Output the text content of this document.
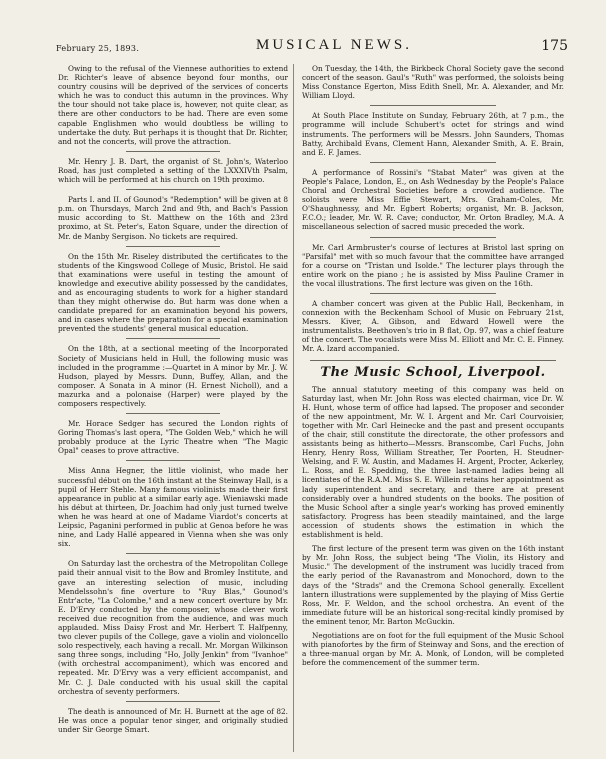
February 25, 1893.	MUSICAL NEWS.	175

Owing to the refusal of the Viennese authorities to extend Dr. Richter's leave of absence beyond four months, our country cousins will be deprived of the services of concerts which he was to conduct this autumn in the provinces. Why the tour should not take place is, however, not quite clear, as there are other conductors to be had. There are even some capable Englishmen who would doubtless be willing to undertake the duty. But perhaps it is thought that Dr. Richter, and not the concerts, will prove the attraction.

Mr. Henry J. B. Dart, the organist of St. John's, Waterloo Road, has just completed a setting of the LXXXIVth Psalm, which will be performed at his church on 19th proximo.

Parts I. and II. of Gounod's "Redemption" will be given at 8 p.m. on Thursdays, March 2nd and 9th, and Bach's Passion music according to St. Matthew on the 16th and 23rd proximo, at St. Peter's, Eaton Square, under the direction of Mr. de Manby Sergison. No tickets are required.

On the 15th Mr. Riseley distributed the certificates to the students of the Kingswood College of Music, Bristol. He said that examinations were useful in testing the amount of knowledge and executive ability possessed by the candidates, and as encouraging students to work for a higher standard than they might otherwise do. But harm was done when a candidate prepared for an examination beyond his powers, and in cases where the preparation for a special examination prevented the students' general musical education.

On the 18th, at a sectional meeting of the Incorporated Society of Musicians held in Hull, the following music was included in the programme :—Quartet in A minor by Mr. J. W. Hudson, played by Messrs. Dunn, Buffey, Allan, and the composer. A Sonata in A minor (H. Ernest Nicholl), and a mazurka and a polonaise (Harper) were played by the composers respectively.

Mr. Horace Sedger has secured the London rights of Goring Thomas's last opera, "The Golden Web," which he will probably produce at the Lyric Theatre when "The Magic Opal" ceases to prove attractive.

Miss Anna Hegner, the little violinist, who made her successful début on the 16th instant at the Steinway Hall, is a pupil of Herr Stehle. Many famous violinists made their first appearance in public at a similar early age. Wieniawski made his début at thirteen, Dr. Joachim had only just turned twelve when he was heard at one of Madame Viardot's concerts at Leipsic, Paganini performed in public at Genoa before he was nine, and Lady Hallé appeared in Vienna when she was only six.

On Saturday last the orchestra of the Metropolitan College paid their annual visit to the Bow and Bromley Institute, and gave an interesting selection of music, including Mendelssohn's fine overture to "Ruy Blas," Gounod's Entr'acte, "La Colombe," and a new concert overture by Mr. E. D'Ervy conducted by the composer, whose clever work received due recognition from the audience, and was much applauded. Miss Daisy Frost and Mr. Herbert T. Halfpenny, two clever pupils of the College, gave a violin and violoncello solo respectively, each having a recall. Mr. Morgan Wilkinson sang three songs, including "Ho, Jolly Jenkin" from "Ivanhoe" (with orchestral accompaniment), which was encored and repeated. Mr. D'Ervy was a very efficient accompanist, and Mr. C. J. Dale conducted with his usual skill the capital orchestra of seventy performers.

The death is announced of Mr. H. Burnett at the age of 82. He was once a popular tenor singer, and originally studied under Sir George Smart.

On Tuesday, the 14th, the Birkbeck Choral Society gave the second concert of the season. Gaul's "Ruth" was performed, the soloists being Miss Constance Egerton, Miss Edith Snell, Mr. A. Alexander, and Mr. William Lloyd.

At South Place Institute on Sunday, February 26th, at 7 p.m., the programme will include Schubert's octet for strings and wind instruments. The performers will be Messrs. John Saunders, Thomas Batty, Archibald Evans, Clement Hann, Alexander Smith, A. E. Brain, and E. F. James.

A performance of Rossini's "Stabat Mater" was given at the People's Palace, London, E., on Ash Wednesday by the People's Palace Choral and Orchestral Societies before a crowded audience. The soloists were Miss Effie Stewart, Mrs. Graham-Coles, Mr. O'Shaughnessy, and Mr. Egbert Roberts; organist, Mr. B. Jackson, F.C.O.; leader, Mr. W. R. Cave; conductor, Mr. Orton Bradley, M.A. A miscellaneous selection of sacred music preceded the work.

Mr. Carl Armbruster's course of lectures at Bristol last spring on "Parsifal" met with so much favour that the committee have arranged for a course on "Tristan und Isolde." The lecturer plays through the entire work on the piano ; he is assisted by Miss Pauline Cramer in the vocal illustrations. The first lecture was given on the 16th.

A chamber concert was given at the Public Hall, Beckenham, in connexion with the Beckenham School of Music on February 21st, Messrs. Kiver, A. Gibson, and Edward Howell were the instrumentalists. Beethoven's trio in B flat, Op. 97, was a chief feature of the concert. The vocalists were Miss M. Elliott and Mr. C. E. Finney. Mr. A. Izard accompanied.

The Music School, Liverpool.

The annual statutory meeting of this company was held on Saturday last, when Mr. John Ross was elected chairman, vice Dr. W. H. Hunt, whose term of office had lapsed. The proposer and seconder of the new appointment, Mr. W. I. Argent and Mr. Carl Courvoisier, together with Mr. Carl Heinecke and the past and present occupants of the chair, still constitute the directorate, the other professors and assistants being as hitherto—Messrs. Branscombe, Carl Fuchs, John Henry, Henry Ross, William Streather, Ter Poorten, H. Steudner-Welsing, and F. W. Austin, and Madames H. Argent, Procter, Ackerley, L. Ross, and E. Spedding, the three last-named ladies being all licentiates of the R.A.M. Miss S. E. Willein retains her appointment as lady superintendent and secretary, and there are at present considerably over a hundred students on the books. The position of the Music School after a single year's working has proved eminently satisfactory. Progress has been steadily maintained, and the large accession of students shows the estimation in which the establishment is held.

The first lecture of the present term was given on the 16th instant by Mr. John Ross, the subject being "The Violin, its History and Music." The development of the instrument was lucidly traced from the early period of the Ravanastrom and Monochord, down to the days of the "Strads" and the Cremona School generally. Excellent lantern illustrations were supplemented by the playing of Miss Gertie Ross, Mr. F. Weldon, and the school orchestra. An event of the immediate future will be an historical song-recital kindly promised by the eminent tenor, Mr. Barton McGuckin.

Negotiations are on foot for the full equipment of the Music School with pianofortes by the firm of Steinway and Sons, and the erection of a three-manual organ by Mr. A. Monk, of London, will be completed before the commencement of the summer term.
